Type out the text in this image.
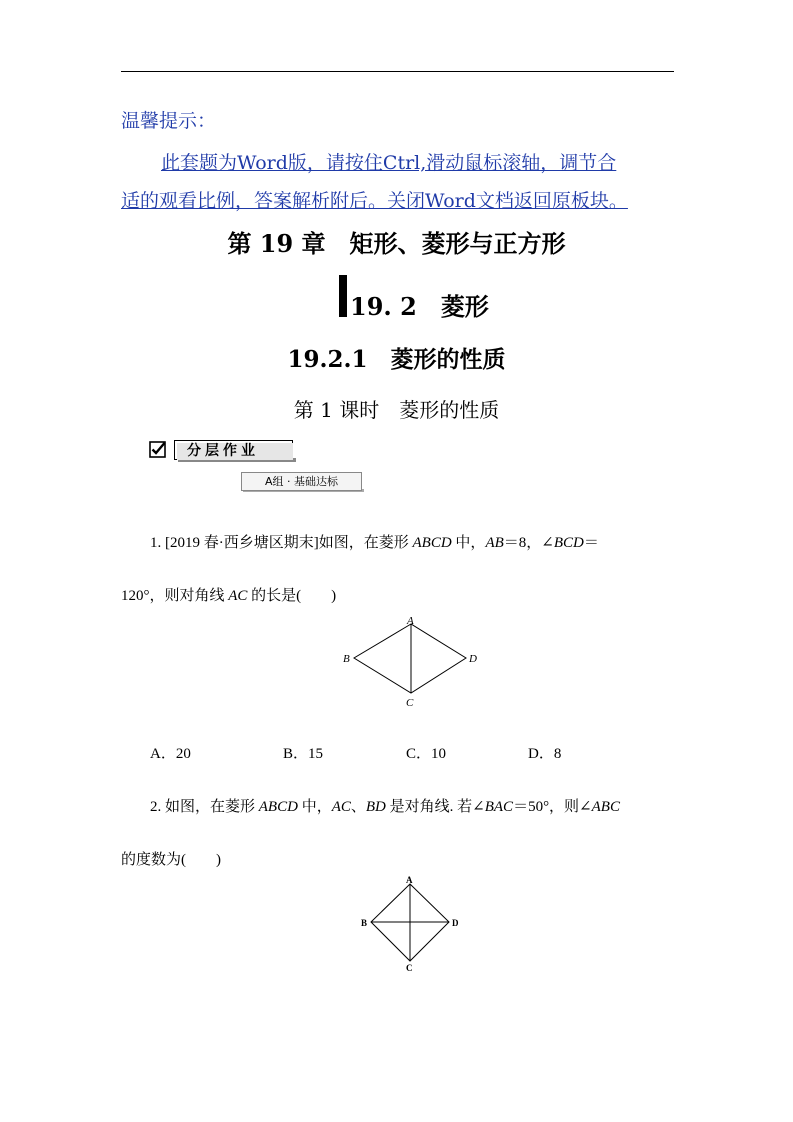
温馨提示：
此套题为Word版，请按住Ctrl,滑动鼠标滚轴，调节合
适的观看比例，答案解析附后。关闭Word文档返回原板块。
第 19 章　矩形、菱形与正方形
19. 2　菱形
19.2.1　菱形的性质
第 1 课时　菱形的性质
分层作业
A组 · 基础达标
1. [2019 春·西乡塘区期末]如图，在菱形 ABCD 中，AB＝8，∠BCD＝
120°，则对角线 AC 的长是(　　)
A
B
C
D
A．20	B．15	C．10	D．8
2. 如图，在菱形 ABCD 中，AC、BD 是对角线. 若∠BAC＝50°，则∠ABC
的度数为(　　)
A
B
C
D
